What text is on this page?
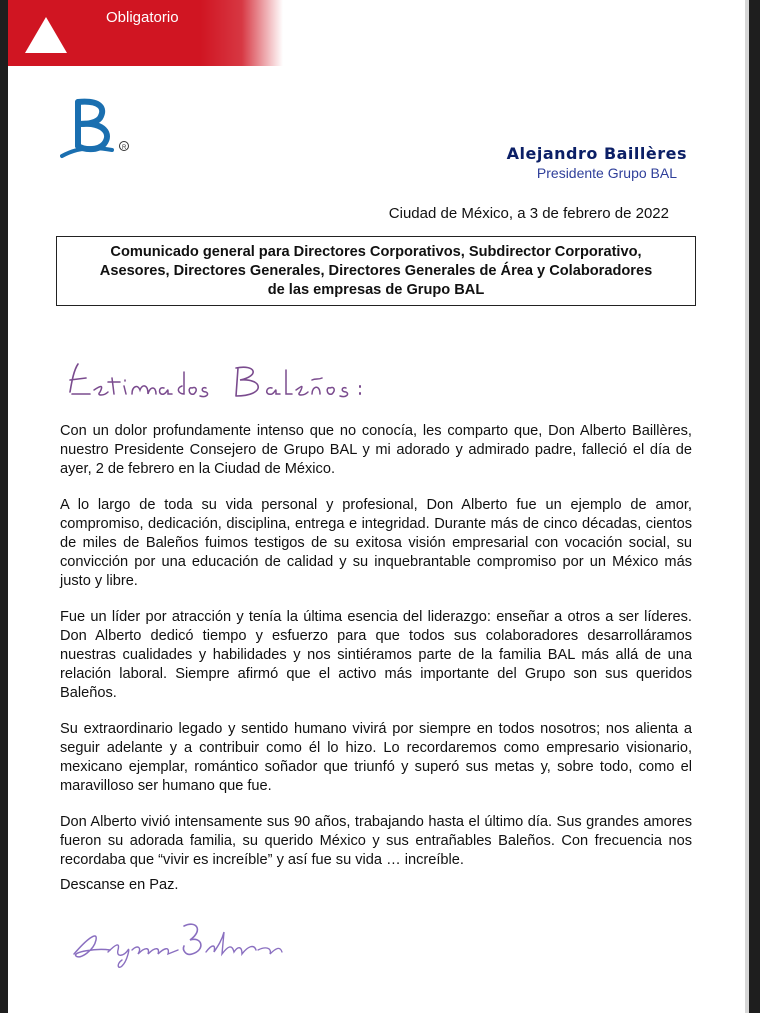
Obligatorio
R	Alejandro Baillères
Presidente Grupo BAL
Ciudad de México, a 3 de febrero de 2022
Comunicado general para Directores Corporativos, Subdirector Corporativo,
Asesores, Directores Generales, Directores Generales de Área y Colaboradores
de las empresas de Grupo BAL

Con un dolor profundamente intenso que no conocía, les comparto que, Don Alberto Baillères, nuestro Presidente Consejero de Grupo BAL y mi adorado y admirado padre, falleció el día de ayer, 2 de febrero en la Ciudad de México.

A lo largo de toda su vida personal y profesional, Don Alberto fue un ejemplo de amor, compromiso, dedicación, disciplina, entrega e integridad. Durante más de cinco décadas, cientos de miles de Baleños fuimos testigos de su exitosa visión empresarial con vocación social, su convicción por una educación de calidad y su inquebrantable compromiso por un México más justo y libre.

Fue un líder por atracción y tenía la última esencia del liderazgo: enseñar a otros a ser líderes. Don Alberto dedicó tiempo y esfuerzo para que todos sus colaboradores desarrolláramos nuestras cualidades y habilidades y nos sintiéramos parte de la familia BAL más allá de una relación laboral. Siempre afirmó que el activo más importante del Grupo son sus queridos Baleños.

Su extraordinario legado y sentido humano vivirá por siempre en todos nosotros; nos alienta a seguir adelante y a contribuir como él lo hizo. Lo recordaremos como empresario visionario, mexicano ejemplar, romántico soñador que triunfó y superó sus metas y, sobre todo, como el maravilloso ser humano que fue.

Don Alberto vivió intensamente sus 90 años, trabajando hasta el último día. Sus grandes amores fueron su adorada familia, su querido México y sus entrañables Baleños. Con frecuencia nos recordaba que “vivir es increíble” y así fue su vida … increíble.

Descanse en Paz.
